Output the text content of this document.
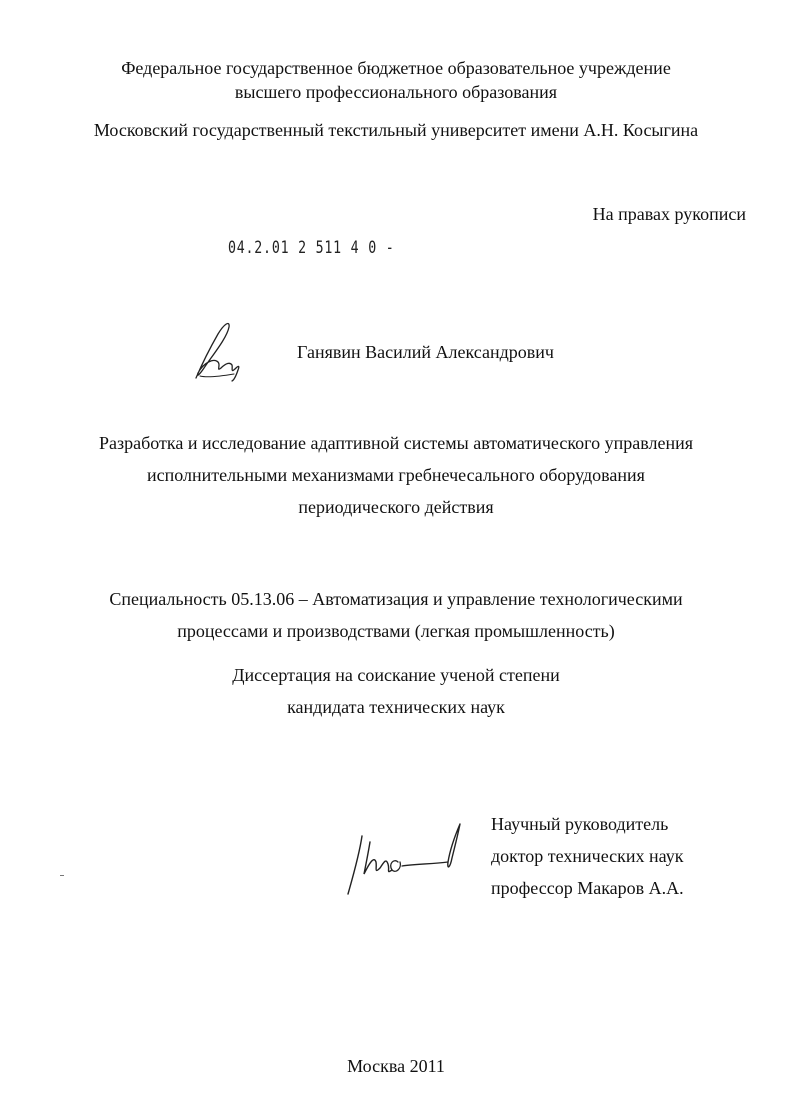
Федеральное государственное бюджетное образовательное учреждение
высшего профессионального образования
Московский государственный текстильный университет имени А.Н. Косыгина
На правах рукописи
04.2.01 2 511 4 0 -
Ганявин Василий Александрович
Разработка и исследование адаптивной системы автоматического управления
исполнительными механизмами гребнечесального оборудования
периодического действия
Специальность 05.13.06 – Автоматизация и управление технологическими
процессами и производствами (легкая промышленность)
Диссертация на соискание ученой степени
кандидата технических наук
Научный руководитель
доктор технических наук
профессор Макаров А.А.
Москва 2011
